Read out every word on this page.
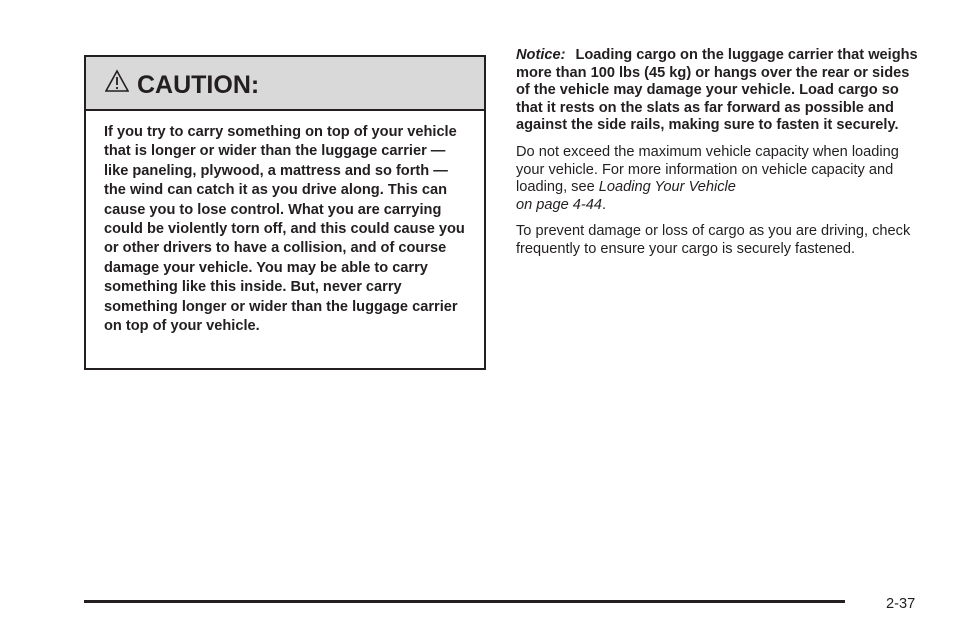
CAUTION:
If you try to carry something on top of your vehicle that is longer or wider than the luggage carrier — like paneling, plywood, a mattress and so forth — the wind can catch it as you drive along. This can cause you to lose control. What you are carrying could be violently torn off, and this could cause you or other drivers to have a collision, and of course damage your vehicle. You may be able to carry something like this inside. But, never carry something longer or wider than the luggage carrier on top of your vehicle.

Notice: Loading cargo on the luggage carrier that weighs more than 100 lbs (45 kg) or hangs over the rear or sides of the vehicle may damage your vehicle. Load cargo so that it rests on the slats as far forward as possible and against the side rails, making sure to fasten it securely.

Do not exceed the maximum vehicle capacity when loading your vehicle. For more information on vehicle capacity and loading, see Loading Your Vehicle
on page 4-44.

To prevent damage or loss of cargo as you are driving, check frequently to ensure your cargo is securely fastened.

2-37
